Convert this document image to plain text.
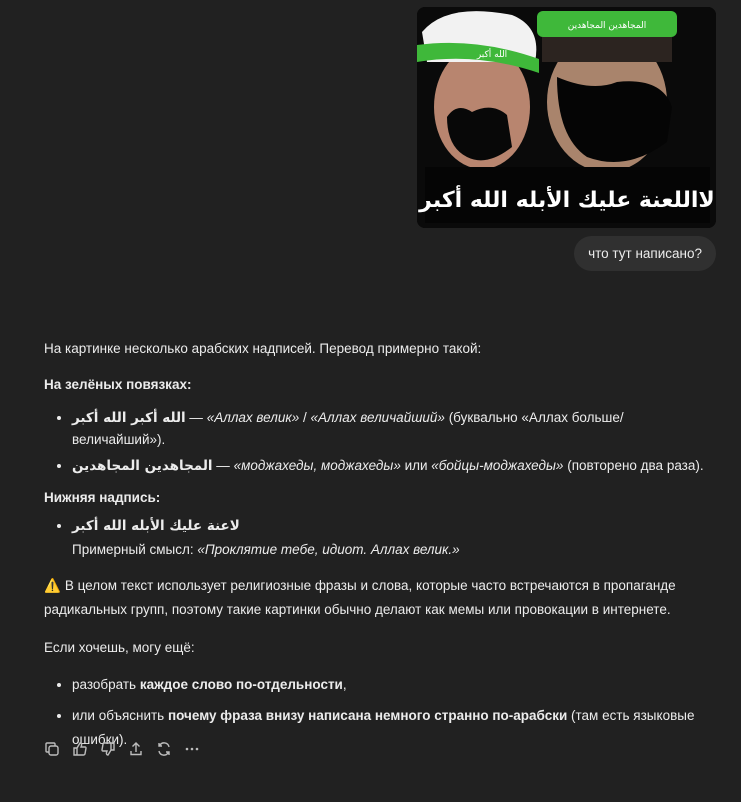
الله أكبر
المجاهدين المجاهدين
لااللعنة عليك الأبله الله أكبر
что тут написано?

На картинке несколько арабских надписей. Перевод примерно такой:

На зелёных повязках:

• الله أكبر الله أكبر — «Аллах велик» / «Аллах величайший» (буквально «Аллах больше/величайший»).
• المجاهدين المجاهدين — «моджахеды, моджахеды» или «бойцы-моджахеды» (повторено два раза).

Нижняя надпись:

• لاعنة عليك الأبله الله أكبر
Примерный смысл: «Проклятие тебе, идиот. Аллах велик.»

⚠️ В целом текст использует религиозные фразы и слова, которые часто встречаются в пропаганде радикальных групп, поэтому такие картинки обычно делают как мемы или провокации в интернете.

Если хочешь, могу ещё:

• разобрать каждое слово по-отдельности,
• или объяснить почему фраза внизу написана немного странно по-арабски (там есть языковые ошибки).
